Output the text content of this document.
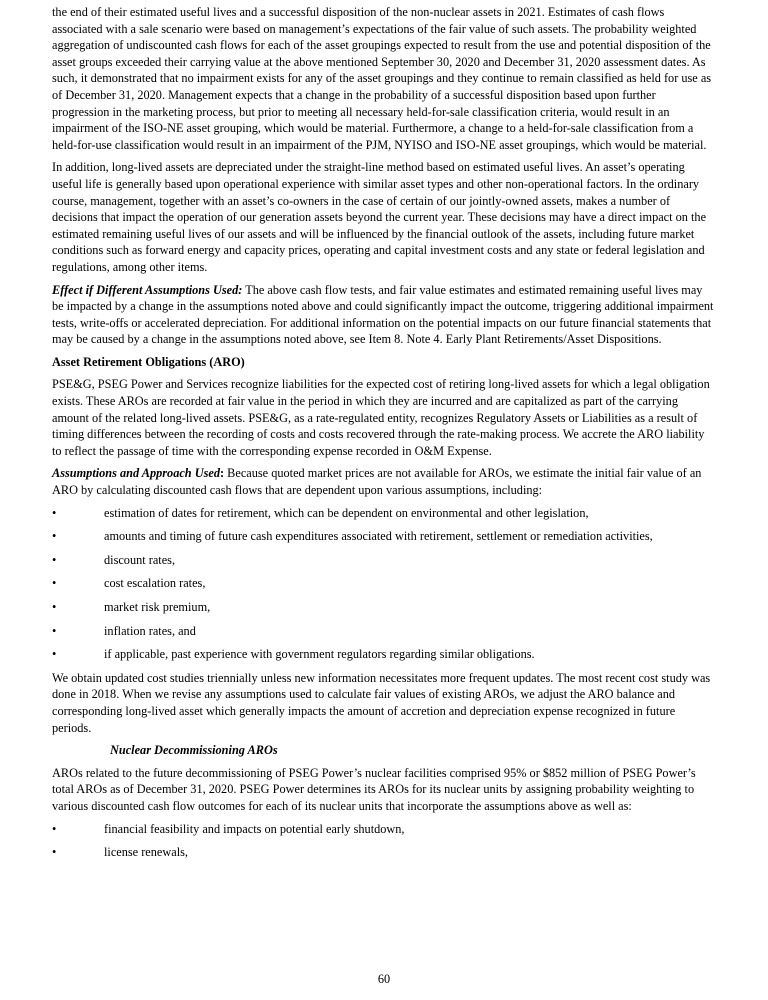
the end of their estimated useful lives and a successful disposition of the non-nuclear assets in 2021. Estimates of cash flows associated with a sale scenario were based on management’s expectations of the fair value of such assets. The probability weighted aggregation of undiscounted cash flows for each of the asset groupings expected to result from the use and potential disposition of the asset groups exceeded their carrying value at the above mentioned September 30, 2020 and December 31, 2020 assessment dates. As such, it demonstrated that no impairment exists for any of the asset groupings and they continue to remain classified as held for use as of December 31, 2020. Management expects that a change in the probability of a successful disposition based upon further progression in the marketing process, but prior to meeting all necessary held-for-sale classification criteria, would result in an impairment of the ISO-NE asset grouping, which would be material. Furthermore, a change to a held-for-sale classification from a held-for-use classification would result in an impairment of the PJM, NYISO and ISO-NE asset groupings, which would be material.

In addition, long-lived assets are depreciated under the straight-line method based on estimated useful lives. An asset’s operating useful life is generally based upon operational experience with similar asset types and other non-operational factors. In the ordinary course, management, together with an asset’s co-owners in the case of certain of our jointly-owned assets, makes a number of decisions that impact the operation of our generation assets beyond the current year. These decisions may have a direct impact on the estimated remaining useful lives of our assets and will be influenced by the financial outlook of the assets, including future market conditions such as forward energy and capacity prices, operating and capital investment costs and any state or federal legislation and regulations, among other items.

Effect if Different Assumptions Used: The above cash flow tests, and fair value estimates and estimated remaining useful lives may be impacted by a change in the assumptions noted above and could significantly impact the outcome, triggering additional impairment tests, write-offs or accelerated depreciation. For additional information on the potential impacts on our future financial statements that may be caused by a change in the assumptions noted above, see Item 8. Note 4. Early Plant Retirements/Asset Dispositions.

Asset Retirement Obligations (ARO)

PSE&G, PSEG Power and Services recognize liabilities for the expected cost of retiring long-lived assets for which a legal obligation exists. These AROs are recorded at fair value in the period in which they are incurred and are capitalized as part of the carrying amount of the related long-lived assets. PSE&G, as a rate-regulated entity, recognizes Regulatory Assets or Liabilities as a result of timing differences between the recording of costs and costs recovered through the rate-making process. We accrete the ARO liability to reflect the passage of time with the corresponding expense recorded in O&M Expense.

Assumptions and Approach Used: Because quoted market prices are not available for AROs, we estimate the initial fair value of an ARO by calculating discounted cash flows that are dependent upon various assumptions, including:

•	estimation of dates for retirement, which can be dependent on environmental and other legislation,
•	amounts and timing of future cash expenditures associated with retirement, settlement or remediation activities,
•	discount rates,
•	cost escalation rates,
•	market risk premium,
•	inflation rates, and
•	if applicable, past experience with government regulators regarding similar obligations.

We obtain updated cost studies triennially unless new information necessitates more frequent updates. The most recent cost study was done in 2018. When we revise any assumptions used to calculate fair values of existing AROs, we adjust the ARO balance and corresponding long-lived asset which generally impacts the amount of accretion and depreciation expense recognized in future periods.

Nuclear Decommissioning AROs

AROs related to the future decommissioning of PSEG Power’s nuclear facilities comprised 95% or $852 million of PSEG Power’s total AROs as of December 31, 2020. PSEG Power determines its AROs for its nuclear units by assigning probability weighting to various discounted cash flow outcomes for each of its nuclear units that incorporate the assumptions above as well as:

•	financial feasibility and impacts on potential early shutdown,
•	license renewals,
60
